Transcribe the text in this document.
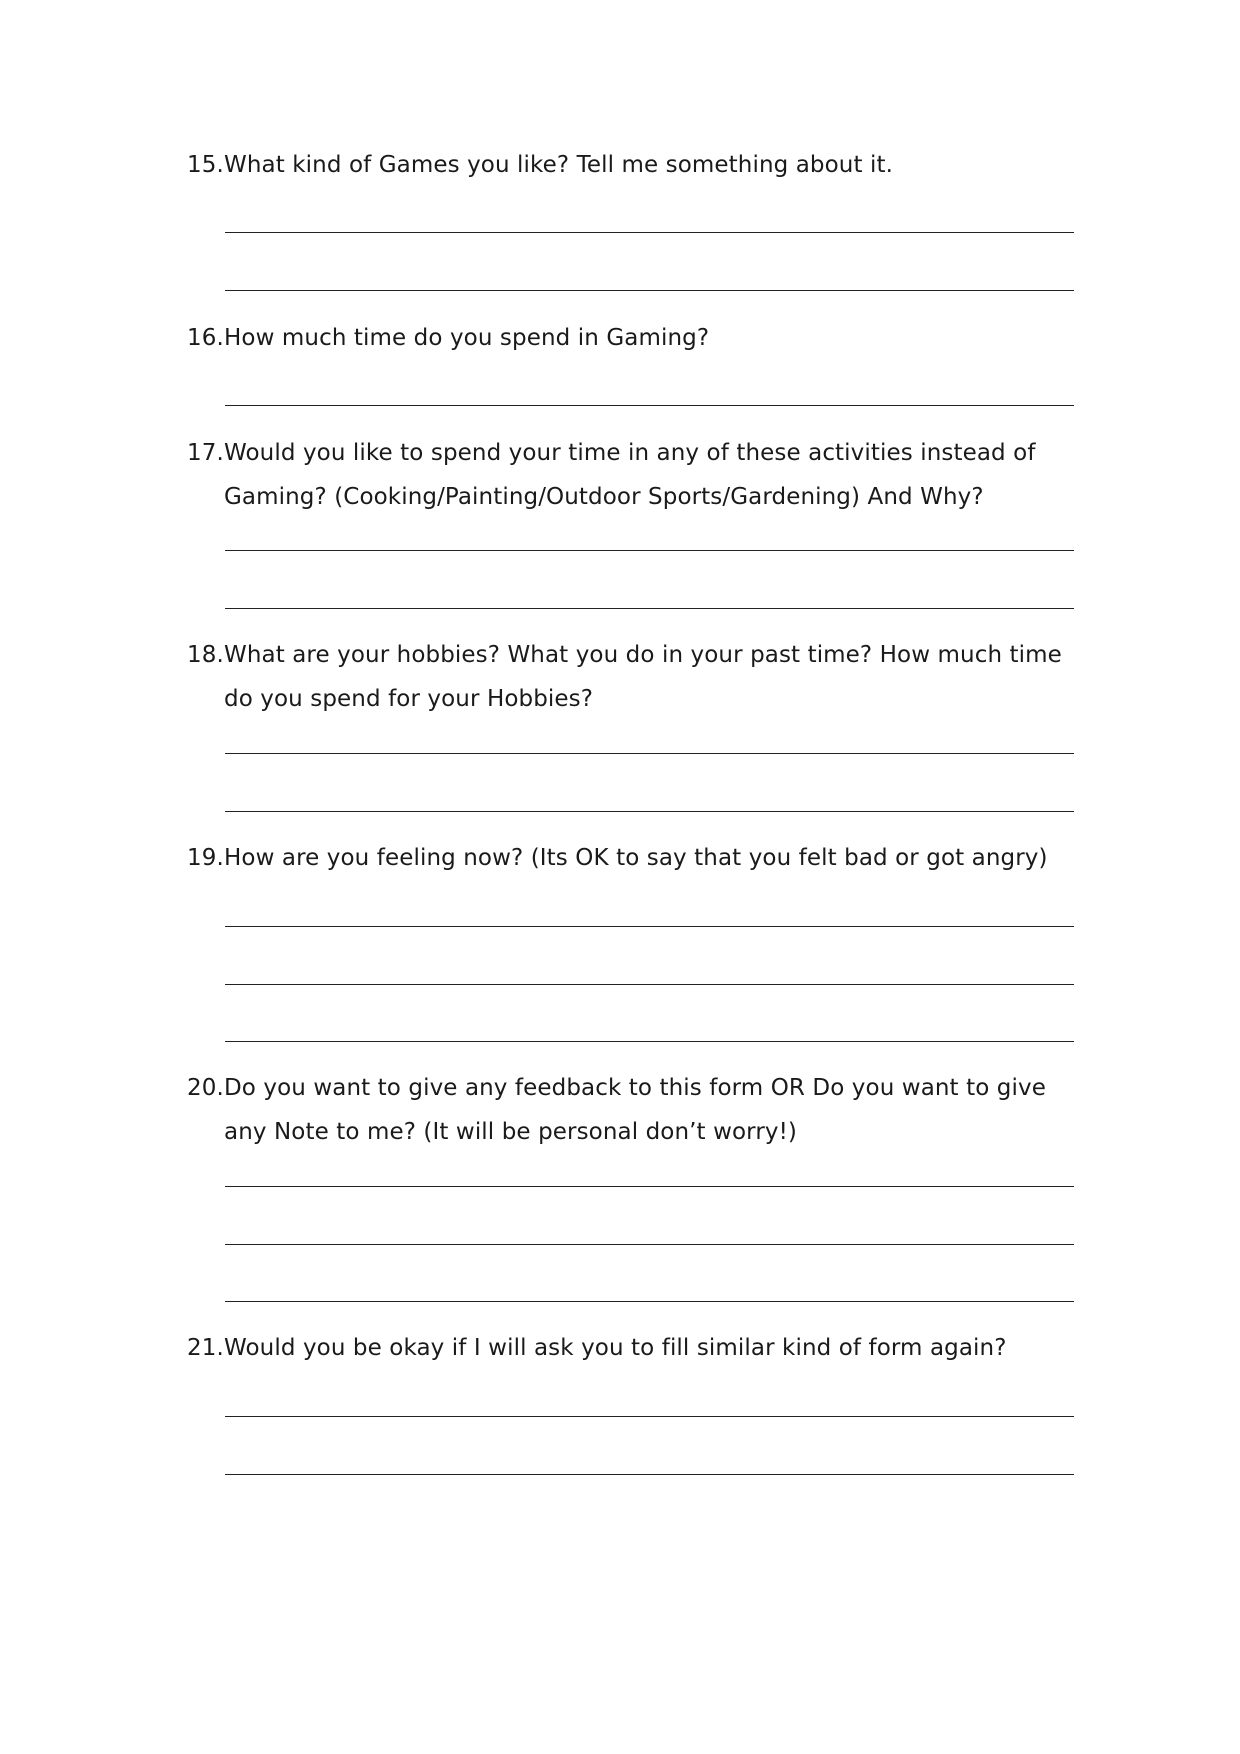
15. What kind of Games you like? Tell me something about it.
16. How much time do you spend in Gaming?
17. Would you like to spend your time in any of these activities instead of Gaming? (Cooking/Painting/Outdoor Sports/Gardening) And Why?
18. What are your hobbies? What you do in your past time? How much time do you spend for your Hobbies?
19. How are you feeling now? (Its OK to say that you felt bad or got angry)
20. Do you want to give any feedback to this form OR Do you want to give any Note to me? (It will be personal don’t worry!)
21. Would you be okay if I will ask you to fill similar kind of form again?
